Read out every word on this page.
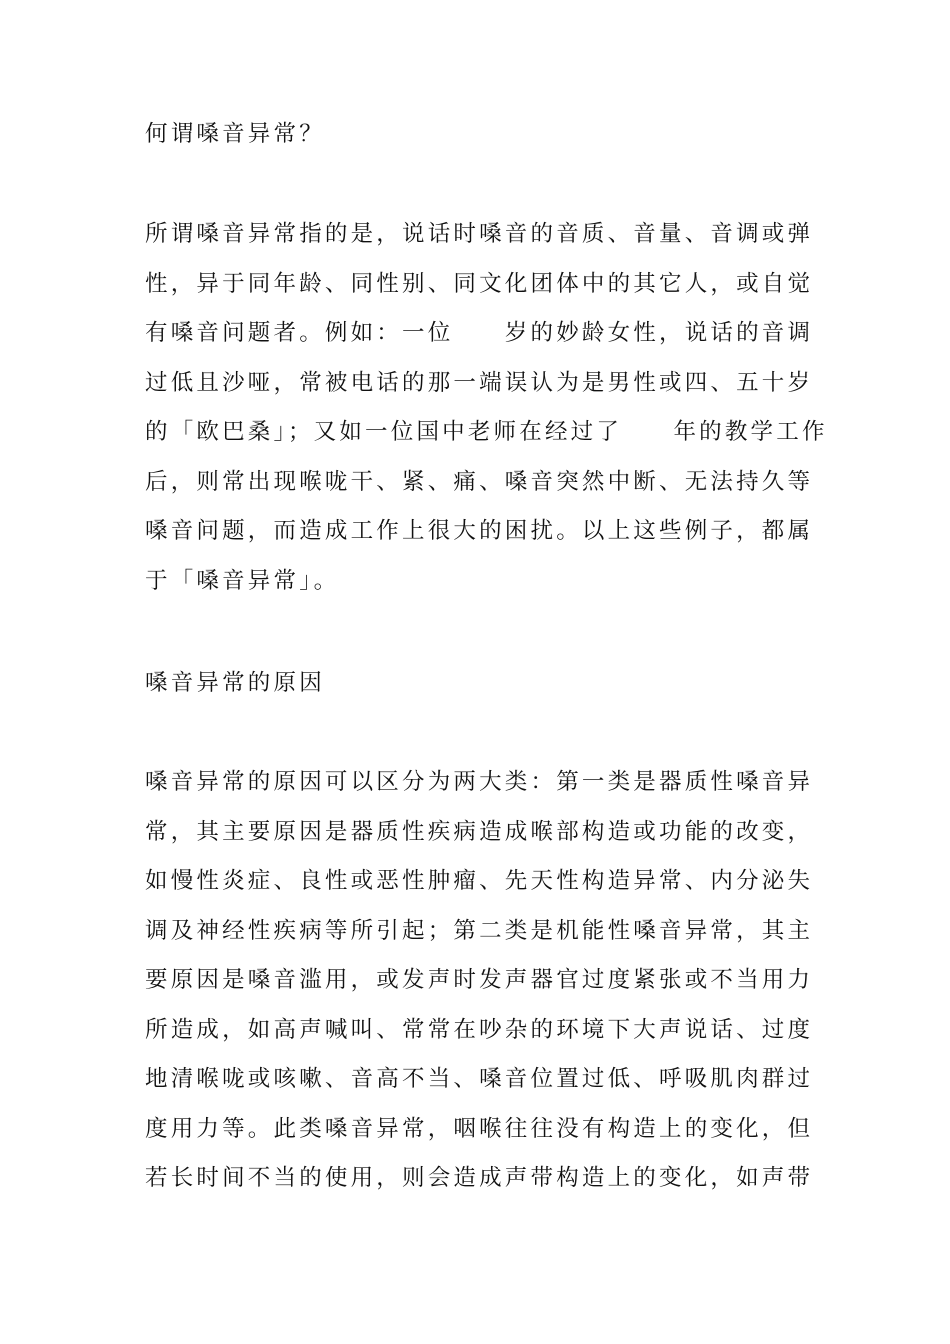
何谓嗓音异常？

所谓嗓音异常指的是，说话时嗓音的音质、音量、音调或弹
性，异于同年龄、同性别、同文化团体中的其它人，或自觉
有嗓音问题者。例如：一位　　岁的妙龄女性，说话的音调
过低且沙哑，常被电话的那一端误认为是男性或四、五十岁
的「欧巴桑」；又如一位国中老师在经过了　　年的教学工作
后，则常出现喉咙干、紧、痛、嗓音突然中断、无法持久等
嗓音问题，而造成工作上很大的困扰。以上这些例子，都属
于「嗓音异常」。

嗓音异常的原因

嗓音异常的原因可以区分为两大类：第一类是器质性嗓音异
常，其主要原因是器质性疾病造成喉部构造或功能的改变，
如慢性炎症、良性或恶性肿瘤、先天性构造异常、内分泌失
调及神经性疾病等所引起；第二类是机能性嗓音异常，其主
要原因是嗓音滥用，或发声时发声器官过度紧张或不当用力
所造成，如高声喊叫、常常在吵杂的环境下大声说话、过度
地清喉咙或咳嗽、音高不当、嗓音位置过低、呼吸肌肉群过
度用力等。此类嗓音异常，咽喉往往没有构造上的变化，但
若长时间不当的使用，则会造成声带构造上的变化，如声带
